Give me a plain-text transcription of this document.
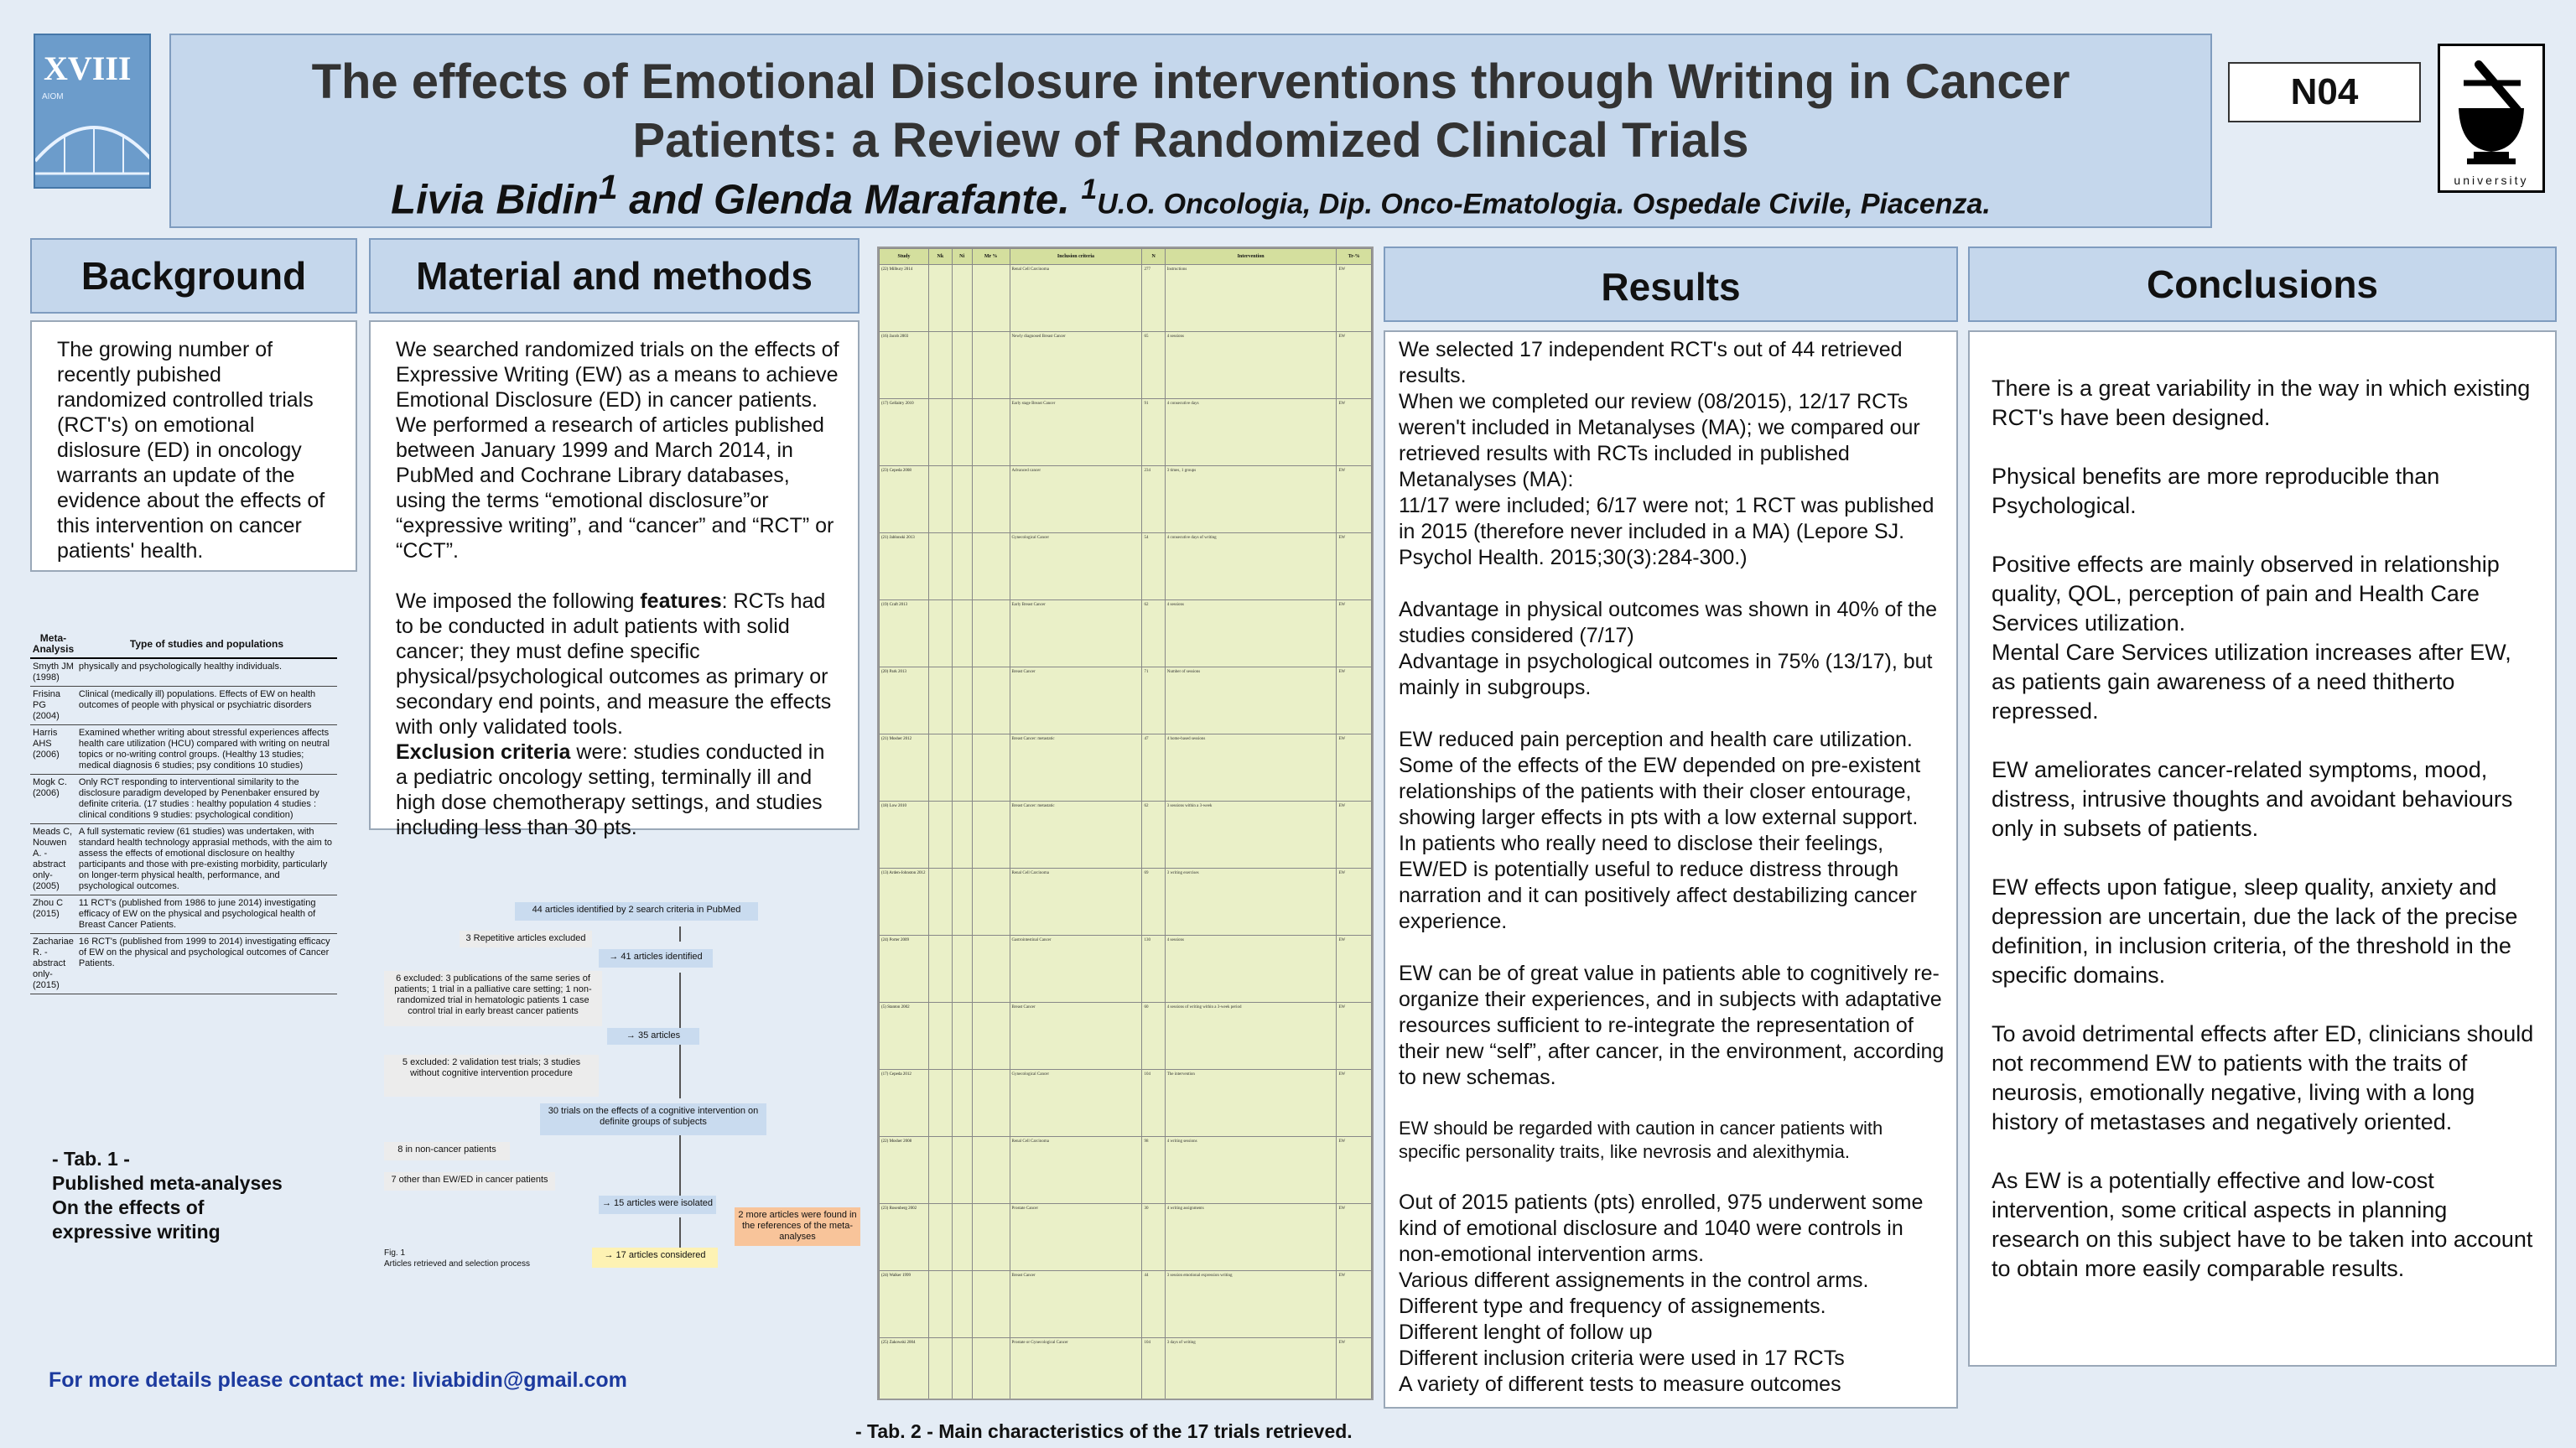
XVIII
AIOM	The effects of Emotional Disclosure interventions through Writing in Cancer
Patients: a Review of Randomized Clinical Trials
Livia Bidin$^1$ and Glenda Marafante. $^1$U.O. Oncologia, Dip. Onco-Ematologia. Ospedale Civile, Piacenza.
N04
university
Background	Material and methods	Results	Conclusions
The growing number of recently pubished randomized controlled trials (RCT's) on emotional dislosure (ED) in oncology warrants an update of the evidence about the effects of this intervention on cancer patients' health.

We searched randomized trials on the effects of Expressive Writing (EW) as a means to achieve Emotional Disclosure (ED) in cancer patients. We performed a research of articles published between January 1999 and March 2014, in PubMed and Cochrane Library databases, using the terms “emotional disclosure”or “expressive writing”, and “cancer” and “RCT” or “CCT”.

We imposed the following features: RCTs had to be conducted in adult patients with solid cancer; they must define specific physical/psychological outcomes as primary or secondary end points, and measure the effects with only validated tools.
Exclusion criteria were: studies conducted in a pediatric oncology setting, terminally ill and high dose chemotherapy settings, and studies including less than 30 pts.
Meta-Analysis	Type of studies and populations
Smyth JM (1998)	physically and psychologically healthy individuals.
Frisina PG (2004)	Clinical (medically ill) populations. Effects of EW on health outcomes of people with physical or psychiatric disorders
Harris AHS (2006)	Examined whether writing about stressful experiences affects health care utilization (HCU) compared with writing on neutral topics or no-writing control groups. (Healthy 13 studies; medical diagnosis 6 studies; psy conditions 10 studies)
Mogk C. (2006)	Only RCT responding to interventional similarity to the disclosure paradigm developed by Penenbaker ensured by definite criteria. (17 studies : healthy population 4 studies : clinical conditions 9 studies: psychological condition)
Meads C, Nouwen A. -abstract only- (2005)	A full systematic review (61 studies) was undertaken, with standard health technology apprasial methods, with the aim to assess the effects of emotional disclosure on healthy participants and those with pre-existing morbidity, particularly on longer-term physical health, performance, and psychological outcomes.
Zhou C (2015)	11 RCT's (published from 1986 to june 2014) investigating efficacy of EW on the physical and psychological health of Breast Cancer Patients.
Zachariae R. -abstract only- (2015)	16 RCT's (published from 1999 to 2014) investigating efficacy of EW on the physical and psychological outcomes of Cancer Patients.
- Tab. 1 -
Published meta-analyses
On the effects of
expressive writing
44 articles identified by 2 search criteria in PubMed
3 Repetitive articles excluded
→ 41 articles identified
6 excluded: 3 publications of the same series of patients; 1 trial in a palliative care setting; 1 non-randomized trial in hematologic patients 1 case control trial in early breast cancer patients
→ 35 articles
5 excluded: 2 validation test trials; 3 studies without cognitive intervention procedure
30 trials on the effects of a cognitive intervention on definite groups of subjects
8 in non-cancer patients
7 other than EW/ED in cancer patients
→ 15 articles were isolated
2 more articles were found in the references of the meta-analyses
→ 17 articles considered
Fig. 1
Articles retrieved and selection process
Study	Nk	Ni	Mr %	Inclusion criteria	N	Intervention	Tr-%
(22) Milbury 2014				Renal Cell Carcinoma	277	Instructions	EW
(16) Jacob 2003				Newly diagnosed Breast Cancer	65	4 sessions	EW
(17) Gellaitry 2010				Early stage Breast Cancer	91	4 consecutive days	EW
(23) Cepeda 2008				Advanced cancer	234	3 times, 1 groups	EW
(21) Jablonski 2013				Gynecological Cancer	54	4 consecutive days of writing	EW
(19) Craft 2013				Early Breast Cancer	62	4 sessions	EW
(20) Park 2013				Breast Cancer	71	Number of sessions	EW
(21) Mosher 2012				Breast Cancer: metastatic	47	4 home-based sessions	EW
(18) Low 2010				Breast Cancer: metastatic	62	3 sessions within a 3-week	EW
(13) Arden-Johnston 2012				Renal Cell Carcinoma	69	3 writing exercises	EW
(24) Porter 2009				Gastrointestinal Cancer	130	4 sessions	EW
(5) Stanton 2002				Breast Cancer	60	4 sessions of writing within a 3-week period	EW
(17) Cepeda 2012				Gynecological Cancer	104	The intervention	EW
(22) Mosher 2008				Renal Cell Carcinoma	98	4 writing sessions	EW
(23) Rosenberg 2002				Prostate Cancer	30	4 writing assignments	EW
(24) Walker 1999				Breast Cancer	44	3 session emotional expression writing	EW
(25) Zakowski 2004				Prostate or Gynecological Cancer	104	3 days of writing	EW
- Tab. 2 - Main characteristics of the 17 trials retrieved.

We selected 17 independent RCT's out of 44 retrieved results.
When we completed our review (08/2015), 12/17 RCTs weren't included in Metanalyses (MA); we compared our retrieved results with RCTs included in published Metanalyses (MA):
11/17 were included; 6/17 were not; 1 RCT was published in 2015 (therefore never included in a MA) (Lepore SJ. Psychol Health. 2015;30(3):284-300.)

Advantage in physical outcomes was shown in 40% of the studies considered (7/17)
Advantage in psychological outcomes in 75% (13/17), but mainly in subgroups.

EW reduced pain perception and health care utilization.
Some of the effects of the EW depended on pre-existent relationships of the patients with their closer entourage, showing larger effects in pts with a low external support.
In patients who really need to disclose their feelings, EW/ED is potentially useful to reduce distress through narration and it can positively affect destabilizing cancer experience.

EW can be of great value in patients able to cognitively re-organize their experiences, and in subjects with adaptative resources sufficient to re-integrate the representation of their new “self”, after cancer, in the environment, according to new schemas.

EW should be regarded with caution in cancer patients with specific personality traits, like nevrosis and alexithymia.

Out of 2015 patients (pts) enrolled, 975 underwent some kind of emotional disclosure and 1040 were controls in non-emotional intervention arms.
Various different assignements in the control arms.
Different type and frequency of assignements.
Different lenght of follow up
Different inclusion criteria were used in 17 RCTs
A variety of different tests to measure outcomes

There is a great variability in the way in which existing RCT's have been designed.

Physical benefits are more reproducible than Psychological.

Positive effects are mainly observed in relationship quality, QOL, perception of pain and Health Care Services utilization.
Mental Care Services utilization increases after EW, as patients gain awareness of a need thitherto repressed.

EW ameliorates cancer-related symptoms, mood, distress, intrusive thoughts and avoidant behaviours only in subsets of patients.

EW effects upon fatigue, sleep quality, anxiety and depression are uncertain, due the lack of the precise definition, in inclusion criteria, of the threshold in the specific domains.

To avoid detrimental effects after ED, clinicians should not recommend EW to patients with the traits of neurosis, emotionally negative, living with a long history of metastases and negatively oriented.

As EW is a potentially effective and low-cost intervention, some critical aspects in planning research on this subject have to be taken into account to obtain more easily comparable results.

For more details please contact me: liviabidin@gmail.com
